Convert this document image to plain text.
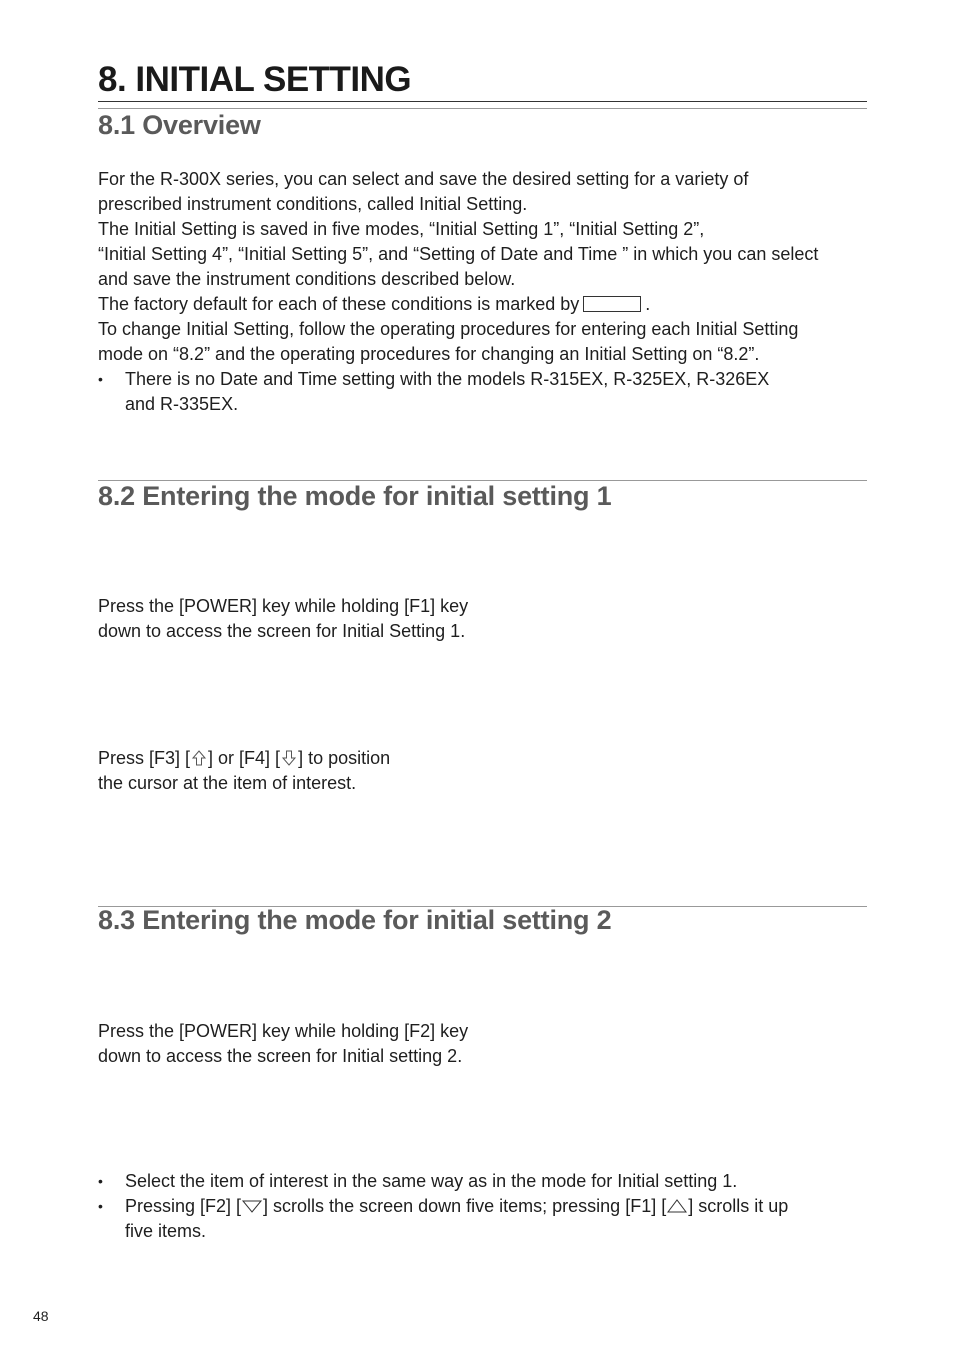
8. INITIAL SETTING
8.1 Overview

For the R-300X series, you can select and save the desired setting for a variety of

prescribed instrument conditions, called Initial Setting.

The Initial Setting is saved in five modes, “Initial Setting 1”, “Initial Setting 2”,

“Initial Setting 4”, “Initial Setting 5”, and “Setting of Date and Time ” in which you can select

and save the instrument conditions described below.

The factory default for each of these conditions is marked by	.

To change Initial Setting, follow the operating procedures for entering each Initial Setting

mode on “8.2” and the operating procedures for changing an Initial Setting on “8.2”.

•	There is no Date and Time setting with the models R-315EX, R-325EX, R-326EX
and R-335EX.
8.2 Entering the mode for initial setting 1

Press the [POWER] key while holding [F1] key

down to access the screen for Initial Setting 1.

Press [F3] [ ] or [F4] [ ] to position

the cursor at the item of interest.

8.3 Entering the mode for initial setting 2

Press the [POWER] key while holding [F2] key

down to access the screen for Initial setting 2.

•	Select the item of interest in the same way as in the mode for Initial setting 1.
•	Pressing [F2] [ ] scrolls the screen down five items; pressing [F1] [ ] scrolls it up
five items.
48
